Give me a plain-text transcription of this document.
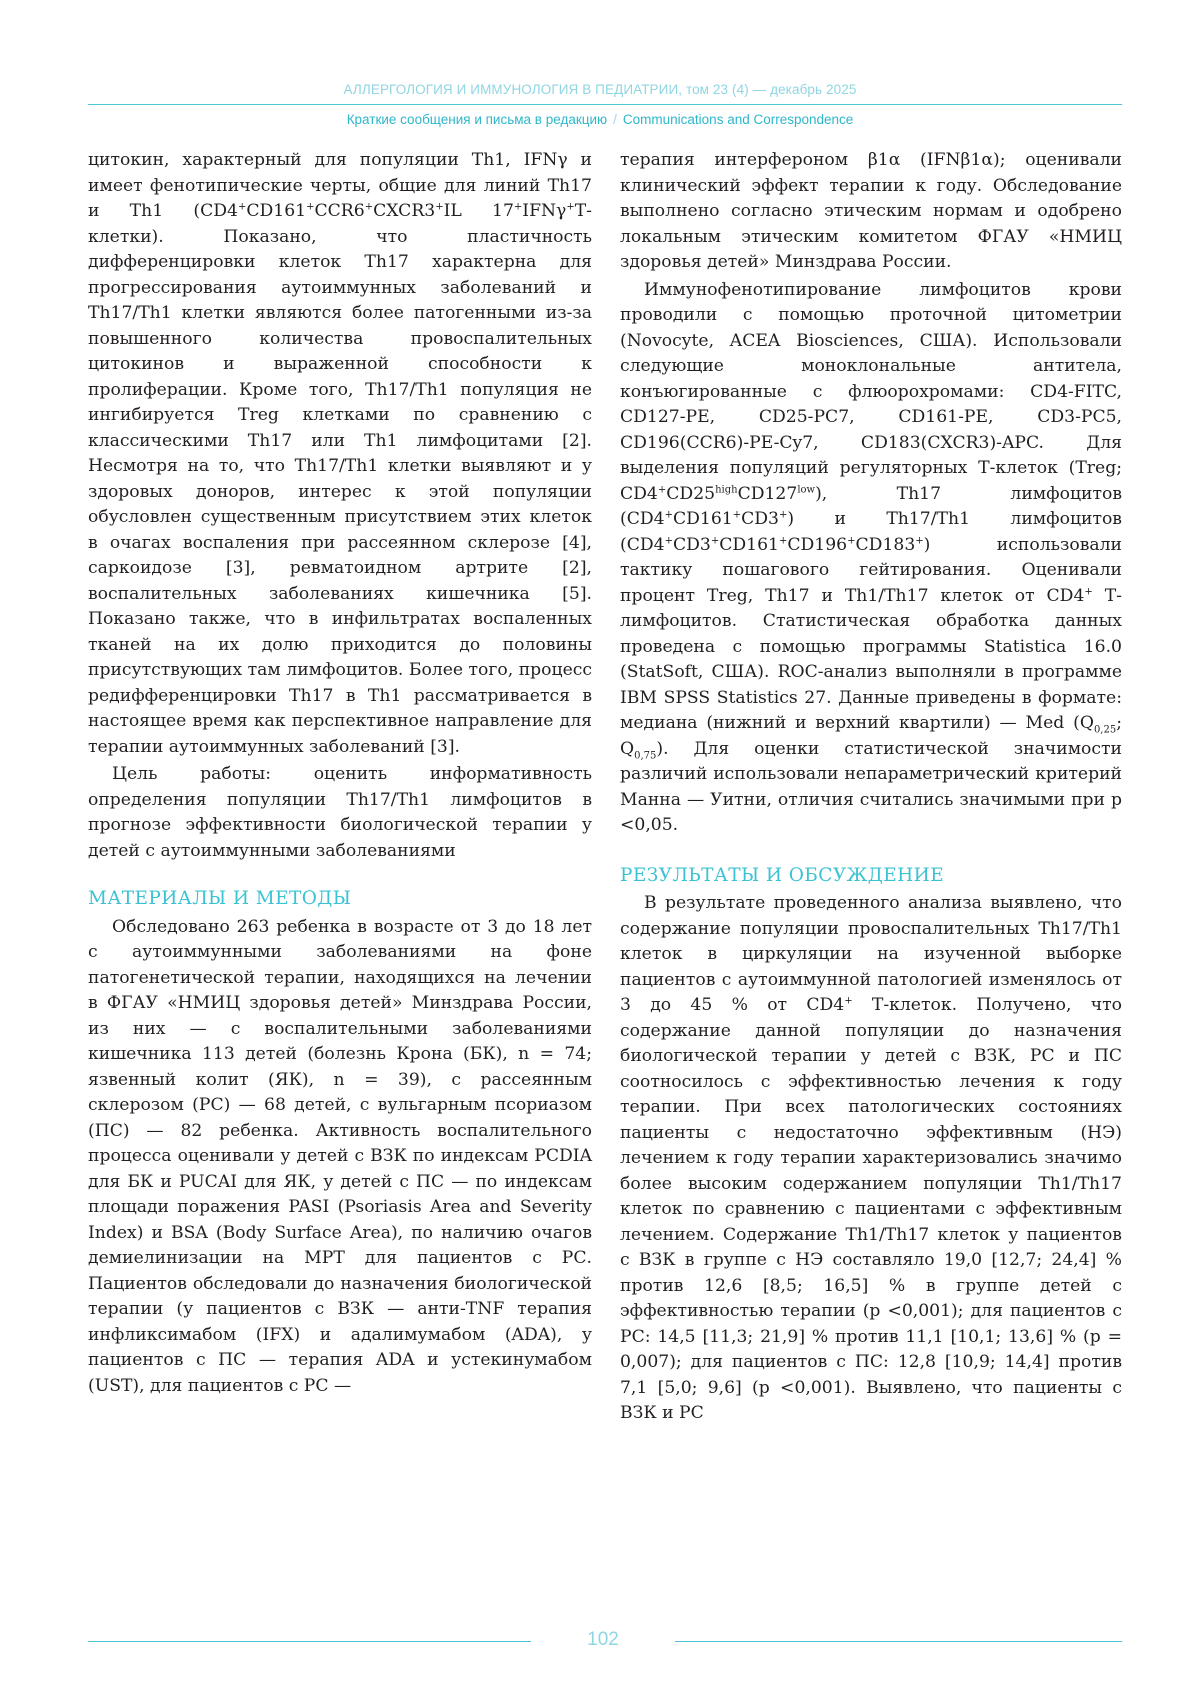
АЛЛЕРГОЛОГИЯ И ИММУНОЛОГИЯ В ПЕДИАТРИИ, том 23 (4) — декабрь 2025
Краткие сообщения и письма в редакцию / Communications and Correspondence

цитокин, характерный для популяции Th1, IFNγ и имеет фенотипические черты, общие для линий Th17 и Th1 (CD4+CD161+CCR6+CXCR3+IL 17+IFNγ+Т-клетки). Показано, что пластичность дифференцировки клеток Th17 характерна для прогрессирования аутоиммунных заболеваний и Th17/Th1 клетки являются более патогенными из-за повышенного количества провоспалительных цитокинов и выраженной способности к пролиферации. Кроме того, Th17/Th1 популяция не ингибируется Treg клетками по сравнению с классическими Th17 или Th1 лимфоцитами [2]. Несмотря на то, что Th17/Th1 клетки выявляют и у здоровых доноров, интерес к этой популяции обусловлен существенным присутствием этих клеток в очагах воспаления при рассеянном склерозе [4], саркоидозе [3], ревматоидном артрите [2], воспалительных заболеваниях кишечника [5]. Показано также, что в инфильтратах воспаленных тканей на их долю приходится до половины присутствующих там лимфоцитов. Более того, процесс редифференцировки Th17 в Th1 рассматривается в настоящее время как перспективное направление для терапии аутоиммунных заболеваний [3].

Цель работы: оценить информативность определения популяции Th17/Th1 лимфоцитов в прогнозе эффективности биологической терапии у детей с аутоиммунными заболеваниями

МАТЕРИАЛЫ И МЕТОДЫ

Обследовано 263 ребенка в возрасте от 3 до 18 лет с аутоиммунными заболеваниями на фоне патогенетической терапии, находящихся на лечении в ФГАУ «НМИЦ здоровья детей» Минздрава России, из них — с воспалительными заболеваниями кишечника 113 детей (болезнь Крона (БК), n = 74; язвенный колит (ЯК), n = 39), с рассеянным склерозом (РС) — 68 детей, с вульгарным псориазом (ПС) — 82 ребенка. Активность воспалительного процесса оценивали у детей с ВЗК по индексам PCDIA для БК и PUCAI для ЯК, у детей с ПС — по индексам площади поражения PASI (Psoriasis Area and Severity Index) и BSA (Body Surface Area), по наличию очагов демиелинизации на МРТ для пациентов с РС. Пациентов обследовали до назначения биологической терапии (у пациентов с ВЗК — анти-TNF терапия инфликсимабом (IFX) и адалимумабом (ADA), у пациентов с ПС — терапия ADA и устекинумабом (UST), для пациентов с РС —

терапия интерфероном β1α (IFNβ1α); оценивали клинический эффект терапии к году. Обследование выполнено согласно этическим нормам и одобрено локальным этическим комитетом ФГАУ «НМИЦ здоровья детей» Минздрава России.

Иммунофенотипирование лимфоцитов крови проводили с помощью проточной цитометрии (Novocyte, ACEA Biosciences, США). Использовали следующие моноклональные антитела, конъюгированные с флюорохромами: CD4-FITC, CD127-PE, CD25-PC7, CD161-PE, CD3-PC5, CD196(CCR6)-PE-Cy7, CD183(CXCR3)-APC. Для выделения популяций регуляторных Т-клеток (Treg; $CD4^+CD25^{high}CD127^{low}$), Th17 лимфоцитов (CD4+CD161+CD3+) и Th17/Th1 лимфоцитов (CD4+CD3+CD161+CD196+CD183+) использовали тактику пошагового гейтирования. Оценивали процент Treg, Th17 и Th1/Th17 клеток от CD4+ Т-лимфоцитов. Статистическая обработка данных проведена с помощью программы Statistica 16.0 (StatSoft, США). ROC-анализ выполняли в программе IBM SPSS Statistics 27. Данные приведены в формате: медиана (нижний и верхний квартили) — Med ($Q_{0,25}$; $Q_{0,75}$). Для оценки статистической значимости различий использовали непараметрический критерий Манна — Уитни, отличия считались значимыми при p <0,05.

РЕЗУЛЬТАТЫ И ОБСУЖДЕНИЕ

В результате проведенного анализа выявлено, что содержание популяции провоспалительных Th17/Th1 клеток в циркуляции на изученной выборке пациентов с аутоиммунной патологией изменялось от 3 до 45 % от CD4+ Т-клеток. Получено, что содержание данной популяции до назначения биологической терапии у детей с ВЗК, РС и ПС соотносилось с эффективностью лечения к году терапии. При всех патологических состояниях пациенты с недостаточно эффективным (НЭ) лечением к году терапии характеризовались значимо более высоким содержанием популяции Th1/Th17 клеток по сравнению с пациентами с эффективным лечением. Содержание Th1/Th17 клеток у пациентов с ВЗК в группе с НЭ составляло 19,0 [12,7; 24,4] % против 12,6 [8,5; 16,5] % в группе детей с эффективностью терапии (p <0,001); для пациентов с РС: 14,5 [11,3; 21,9] % против 11,1 [10,1; 13,6] % (p = 0,007); для пациентов с ПС: 12,8 [10,9; 14,4] против 7,1 [5,0; 9,6] (p <0,001). Выявлено, что пациенты с ВЗК и РС

102
